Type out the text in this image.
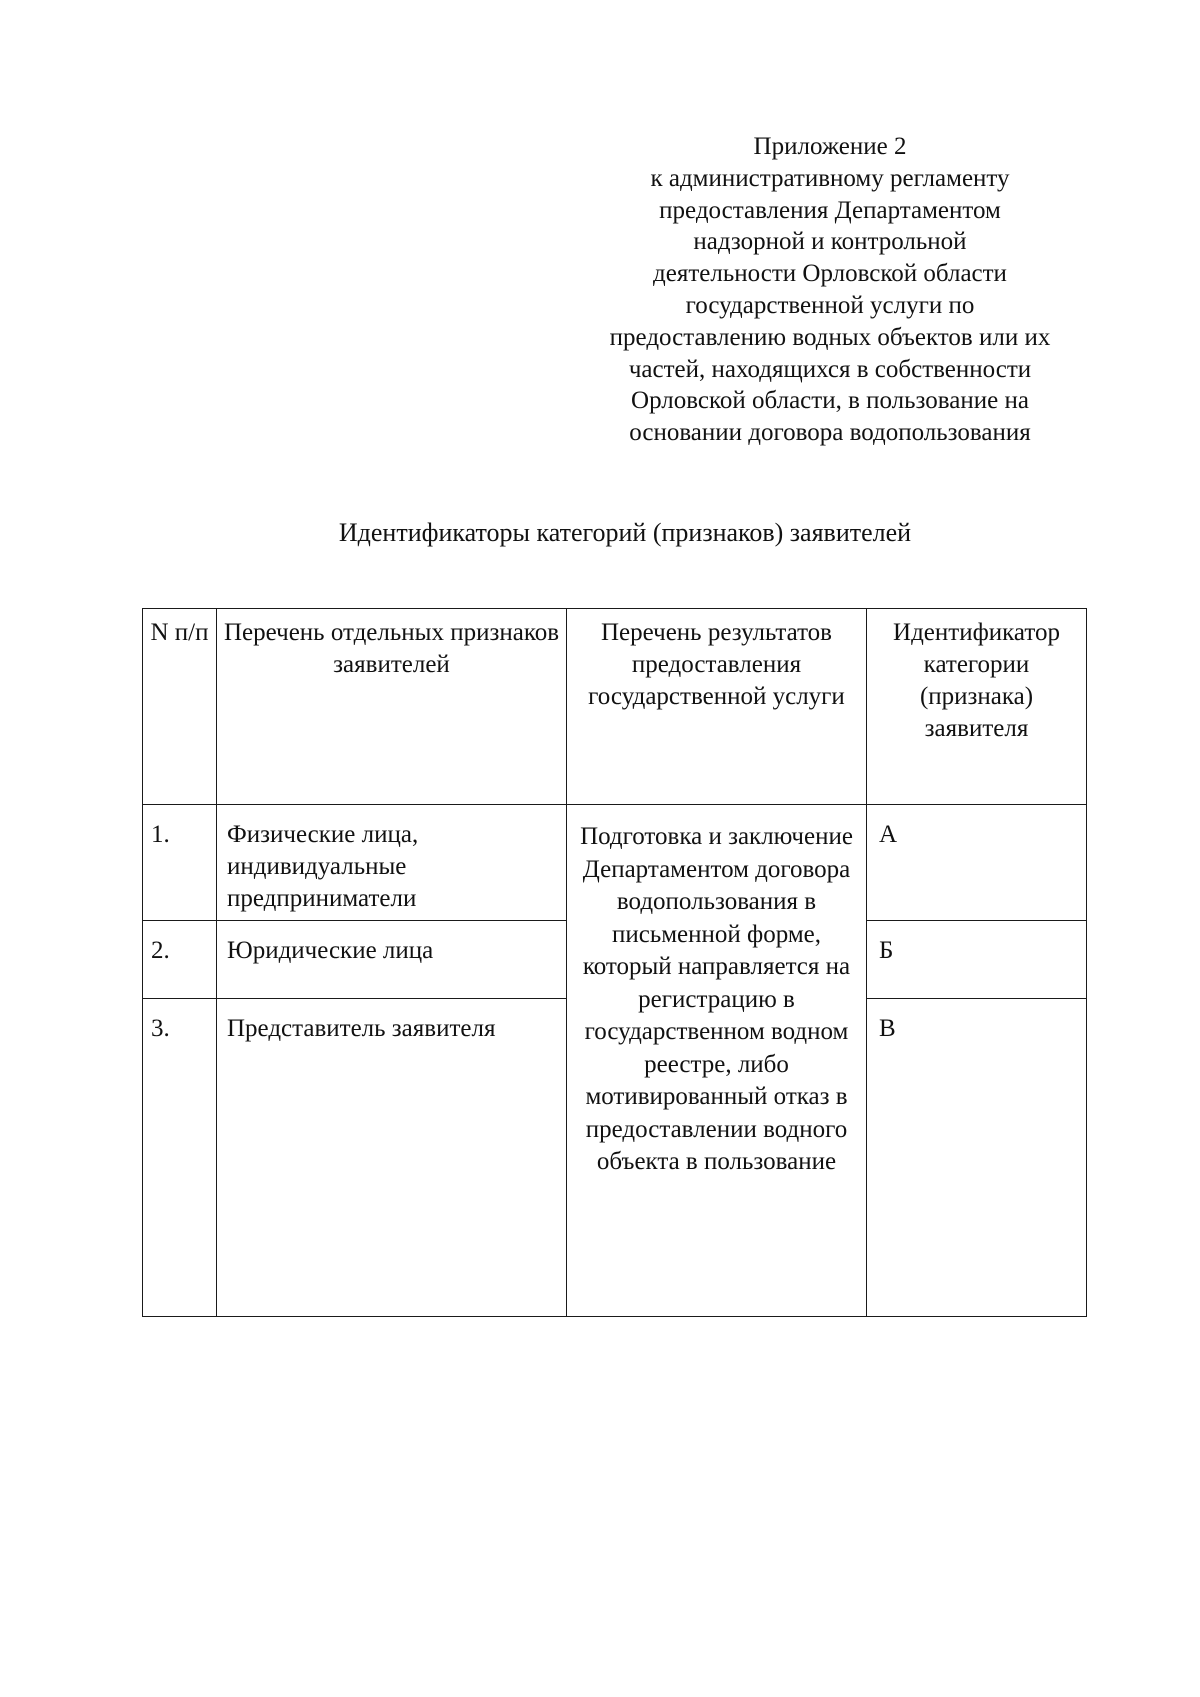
Приложение 2
к административному регламенту
предоставления Департаментом
надзорной и контрольной
деятельности Орловской области
государственной услуги по
предоставлению водных объектов или их
частей, находящихся в собственности
Орловской области, в пользование на
основании договора водопользования
Идентификаторы категорий (признаков) заявителей
N п/п	Перечень отдельных признаков заявителей	Перечень результатов предоставления государственной услуги	Идентификатор категории (признака) заявителя

1.	Физические лица, индивидуальные предприниматели	Подготовка и заключение Департаментом договора водопользования в письменной форме, который направляется на регистрацию в государственном водном реестре, либо мотивированный отказ в предоставлении водного объекта в пользование	А
2.	Юридические лица		Б
3.	Представитель заявителя		В
